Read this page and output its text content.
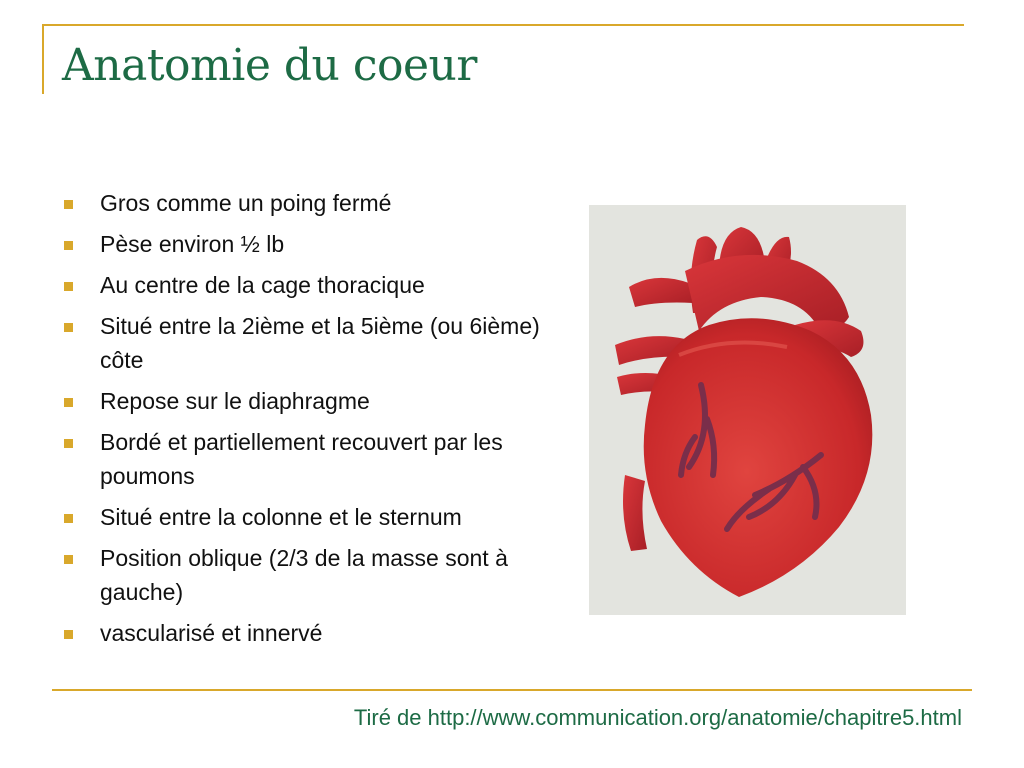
Anatomie du coeur
Gros comme un poing fermé
Pèse environ ½ lb
Au centre de la cage thoracique
Situé entre la 2ième et la 5ième (ou 6ième) côte
Repose sur le diaphragme
Bordé et partiellement recouvert par les poumons
Situé entre la colonne et le sternum
Position oblique (2/3 de la masse sont à gauche)
vascularisé et innervé

Tiré de http://www.communication.org/anatomie/chapitre5.html
